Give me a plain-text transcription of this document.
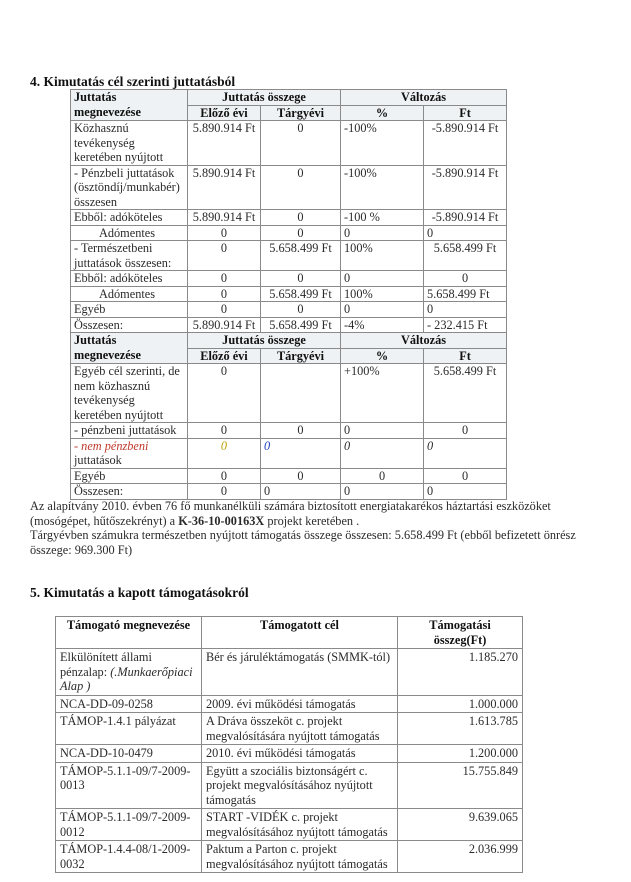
4. Kimutatás cél szerinti juttatásból
Juttatás megnevezése	Juttatás összege		Változás	
	Előző évi	Tárgyévi	%	Ft
Közhasznú tevékenység keretében nyújtott	5.890.914 Ft	0	-100%	-5.890.914 Ft
- Pénzbeli juttatások (ösztöndíj/munkabér) összesen	5.890.914 Ft	0	-100%	-5.890.914 Ft
Ebből: adóköteles	5.890.914 Ft	0	-100 %	-5.890.914 Ft
Adómentes	0	0	0	0
- Természetbeni juttatások összesen:	0	5.658.499 Ft	100%	5.658.499 Ft
Ebből: adóköteles	0	0	0	0
Adómentes	0	5.658.499 Ft	100%	5.658.499 Ft
Egyéb	0	0	0	0
Összesen:	5.890.914 Ft	5.658.499 Ft	-4%	- 232.415 Ft
Juttatás megnevezése	Juttatás összege		Változás	
	Előző évi	Tárgyévi	%	Ft
Egyéb cél szerinti, de nem közhasznú tevékenység keretében nyújtott	0		+100%	5.658.499 Ft
- pénzbeni juttatások	0	0	0	0
- nem pénzbeni
juttatások	0	0	0	0
Egyéb	0	0	0	0
Összesen:	0	0	0	0
Az alapítvány 2010. évben 76 fő munkanélküli számára biztosított energiatakarékos háztartási eszközöket (mosógépet, hűtőszekrényt) a K-36-10-00163X projekt keretében .
Tárgyévben számukra természetben nyújtott támogatás összege összesen: 5.658.499 Ft (ebből befizetett önrész összege: 969.300 Ft)
5. Kimutatás a kapott támogatásokról
Támogató megnevezése	Támogatott cél	Támogatási összeg(Ft)
Elkülönített állami pénzalap: (.Munkaerőpiaci Alap )	Bér és járuléktámogatás (SMMK-tól)	1.185.270
NCA-DD-09-0258	2009. évi működési támogatás	1.000.000
TÁMOP-1.4.1 pályázat	A Dráva összeköt c. projekt megvalósítására nyújtott támogatás	1.613.785
NCA-DD-10-0479	2010. évi működési támogatás	1.200.000
TÁMOP-5.1.1-09/7-2009-0013	Együtt a szociális biztonságért c. projekt megvalósításához nyújtott támogatás	15.755.849
TÁMOP-5.1.1-09/7-2009-0012	START -VIDÉK c. projekt megvalósításához nyújtott támogatás	9.639.065
TÁMOP-1.4.4-08/1-2009-0032	Paktum a Parton c. projekt megvalósításához nyújtott támogatás	2.036.999
